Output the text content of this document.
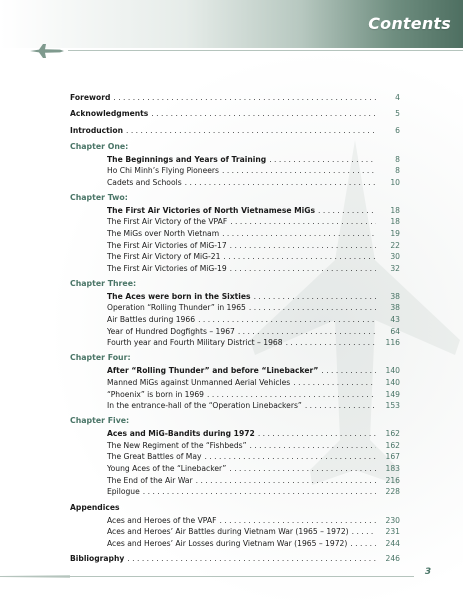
Contents
Foreword . . .	4
Acknowledgments . . .	5
Introduction . . .	6
Chapter One:
The Beginnings and Years of Training . . .	8
Ho Chi Minh’s Flying Pioneers . . .	8
Cadets and Schools . . .	10
Chapter Two:
The First Air Victories of North Vietnamese MiGs . . .	18
The First Air Victory of the VPAF . . .	18
The MiGs over North Vietnam . . .	19
The First Air Victories of MiG-17 . . .	22
The First Air Victory of MiG-21 . . .	30
The First Air Victories of MiG-19 . . .	32
Chapter Three:
The Aces were born in the Sixties . . .	38
Operation “Rolling Thunder” in 1965 . . .	38
Air Battles during 1966 . . .	43
Year of Hundred Dogfights – 1967 . . .	64
Fourth year and Fourth Military District – 1968 . . .	116
Chapter Four:
After “Rolling Thunder” and before “Linebacker” . . .	140
Manned MiGs against Unmanned Aerial Vehicles . . .	140
“Phoenix” is born in 1969 . . .	149
In the entrance-hall of the “Operation Linebackers” . . .	153
Chapter Five:
Aces and MiG-Bandits during 1972 . . .	162
The New Regiment of the “Fishbeds” . . .	162
The Great Battles of May . . .	167
Young Aces of the “Linebacker” . . .	183
The End of the Air War . . .	216
Epilogue . . .	228
Appendices
Aces and Heroes of the VPAF . . .	230
Aces and Heroes’ Air Battles during Vietnam War (1965 – 1972) . . .	231
Aces and Heroes’ Air Losses during Vietnam War (1965 – 1972) . . .	244
Bibliography . . .	246
3
